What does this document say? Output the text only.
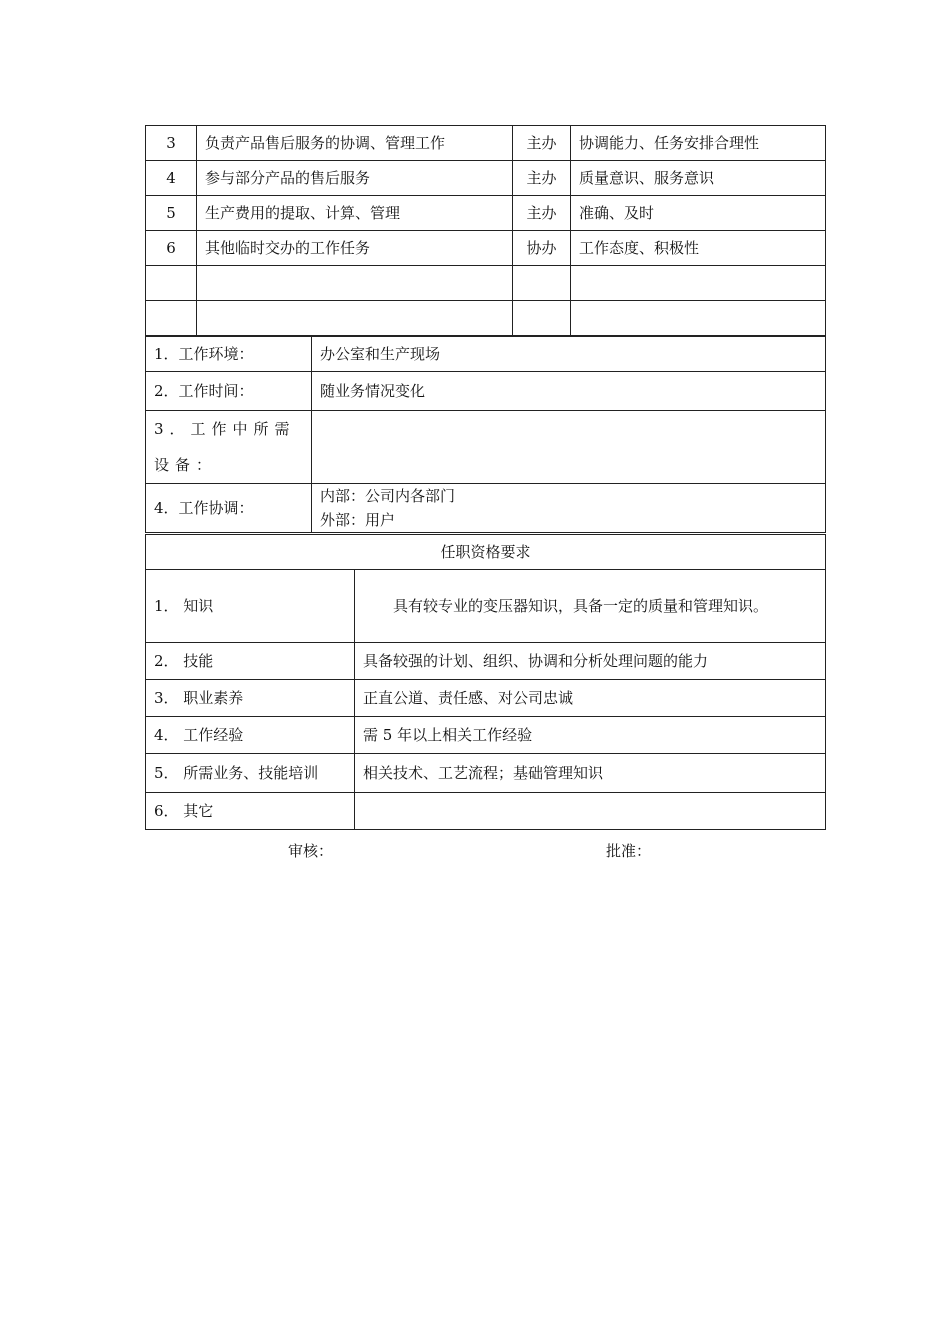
3	负责产品售后服务的协调、管理工作	主办	协调能力、任务安排合理性
4	参与部分产品的售后服务	主办	质量意识、服务意识
5	生产费用的提取、计算、管理	主办	准确、及时
6	其他临时交办的工作任务	协办	工作态度、积极性

1．工作环境：	办公室和生产现场
2．工作时间：	随业务情况变化
3．工作中所需设备：	
4．工作协调：	内部：公司内各部门
外部：用户
任职资格要求	
1． 知识	具有较专业的变压器知识，具备一定的质量和管理知识。
2． 技能	具备较强的计划、组织、协调和分析处理问题的能力
3． 职业素养	正直公道、责任感、对公司忠诚
4． 工作经验	需 5 年以上相关工作经验
5． 所需业务、技能培训	相关技术、工艺流程；基础管理知识
6． 其它	
审核：	批准：
